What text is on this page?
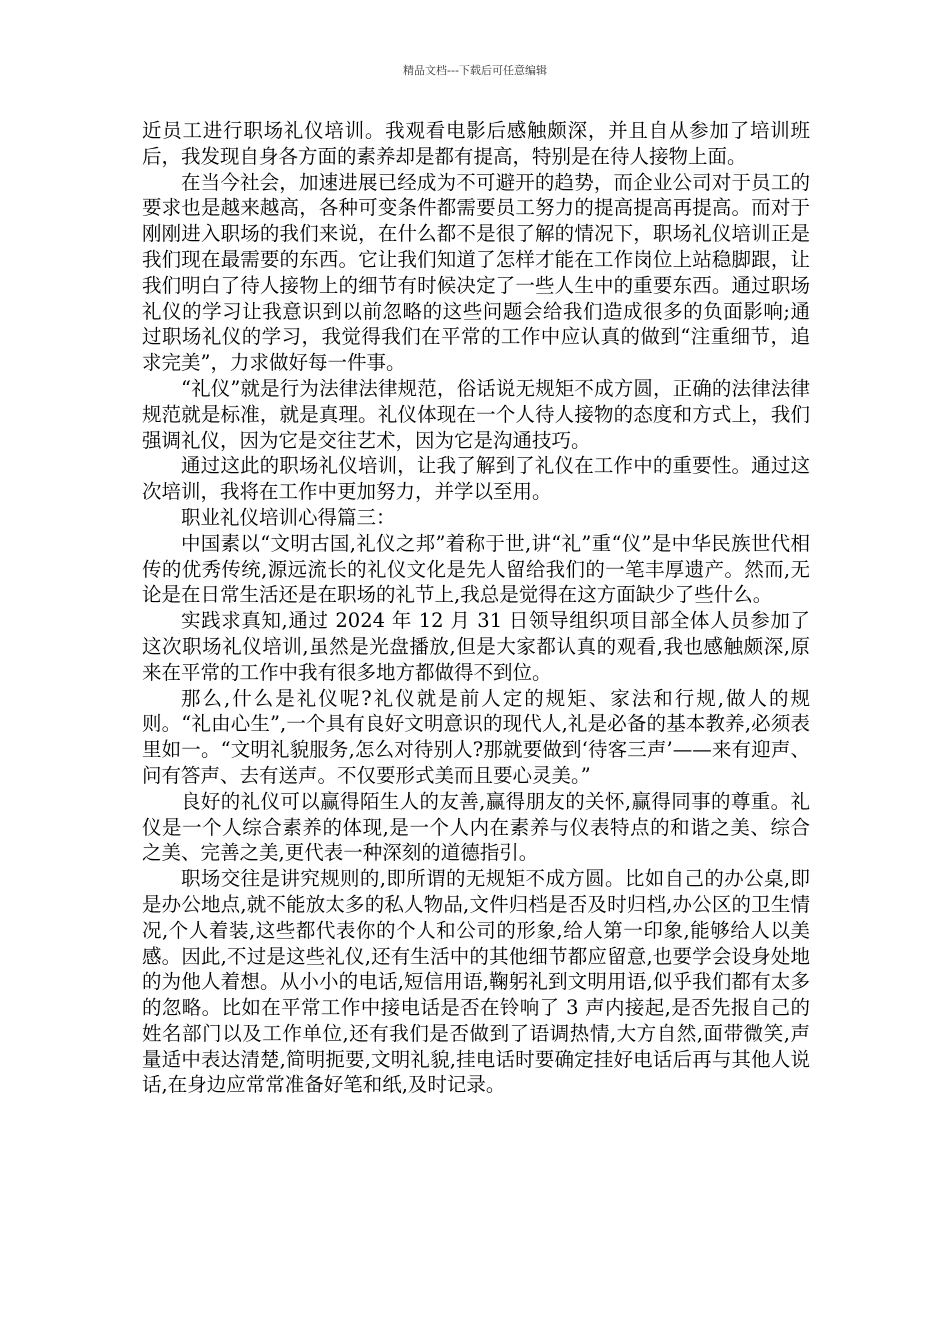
精品文档---下载后可任意编辑

近员工进行职场礼仪培训。我观看电影后感触颇深，并且自从参加了培训班后，我发现自身各方面的素养却是都有提高，特别是在待人接物上面。

在当今社会，加速进展已经成为不可避开的趋势，而企业公司对于员工的要求也是越来越高，各种可变条件都需要员工努力的提高提高再提高。而对于刚刚进入职场的我们来说，在什么都不是很了解的情况下，职场礼仪培训正是我们现在最需要的东西。它让我们知道了怎样才能在工作岗位上站稳脚跟，让我们明白了待人接物上的细节有时候决定了一些人生中的重要东西。通过职场礼仪的学习让我意识到以前忽略的这些问题会给我们造成很多的负面影响;通过职场礼仪的学习，我觉得我们在平常的工作中应认真的做到“注重细节，追求完美”，力求做好每一件事。

“礼仪”就是行为法律法律规范，俗话说无规矩不成方圆，正确的法律法律规范就是标准，就是真理。礼仪体现在一个人待人接物的态度和方式上，我们强调礼仪，因为它是交往艺术，因为它是沟通技巧。

通过这此的职场礼仪培训，让我了解到了礼仪在工作中的重要性。通过这次培训，我将在工作中更加努力，并学以至用。

职业礼仪培训心得篇三：

中国素以“文明古国,礼仪之邦”着称于世,讲“礼”重“仪”是中华民族世代相传的优秀传统,源远流长的礼仪文化是先人留给我们的一笔丰厚遗产。然而,无论是在日常生活还是在职场的礼节上,我总是觉得在这方面缺少了些什么。

实践求真知,通过 2024 年 12 月 31 日领导组织项目部全体人员参加了这次职场礼仪培训,虽然是光盘播放,但是大家都认真的观看,我也感触颇深,原来在平常的工作中我有很多地方都做得不到位。

那么,什么是礼仪呢?礼仪就是前人定的规矩、家法和行规,做人的规则。“礼由心生”,一个具有良好文明意识的现代人,礼是必备的基本教养,必须表里如一。“文明礼貌服务,怎么对待别人?那就要做到‘待客三声’——来有迎声、问有答声、去有送声。不仅要形式美而且要心灵美。”

良好的礼仪可以赢得陌生人的友善,赢得朋友的关怀,赢得同事的尊重。礼仪是一个人综合素养的体现,是一个人内在素养与仪表特点的和谐之美、综合之美、完善之美,更代表一种深刻的道德指引。

职场交往是讲究规则的,即所谓的无规矩不成方圆。比如自己的办公桌,即是办公地点,就不能放太多的私人物品,文件归档是否及时归档,办公区的卫生情况,个人着装,这些都代表你的个人和公司的形象,给人第一印象,能够给人以美感。因此,不过是这些礼仪,还有生活中的其他细节都应留意,也要学会设身处地的为他人着想。从小小的电话,短信用语,鞠躬礼到文明用语,似乎我们都有太多的忽略。比如在平常工作中接电话是否在铃响了 3 声内接起,是否先报自己的姓名部门以及工作单位,还有我们是否做到了语调热情,大方自然,面带微笑,声量适中表达清楚,简明扼要,文明礼貌,挂电话时要确定挂好电话后再与其他人说话,在身边应常常准备好笔和纸,及时记录。
